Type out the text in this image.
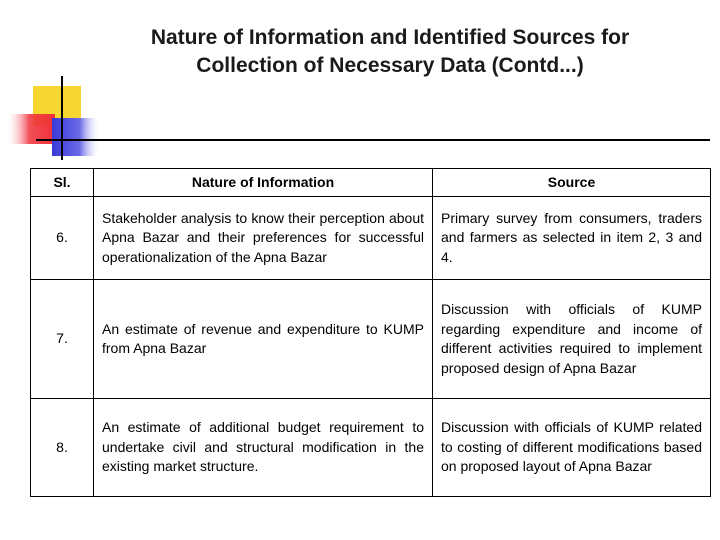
Nature of Information and Identified Sources for
Collection of Necessary Data (Contd...)
Sl.	Nature of Information	Source
6.	Stakeholder analysis to know their perception about Apna Bazar and their preferences for successful operationalization of the Apna Bazar	Primary survey from consumers, traders and farmers as selected in item 2, 3 and 4.
7.	An estimate of revenue and expenditure to KUMP from Apna Bazar	Discussion with officials of KUMP regarding expenditure and income of different activities required to implement proposed design of Apna Bazar
8.	An estimate of additional budget requirement to undertake civil and structural modification in the existing market structure.	Discussion with officials of KUMP related to costing of different modifications based on proposed layout of Apna Bazar
